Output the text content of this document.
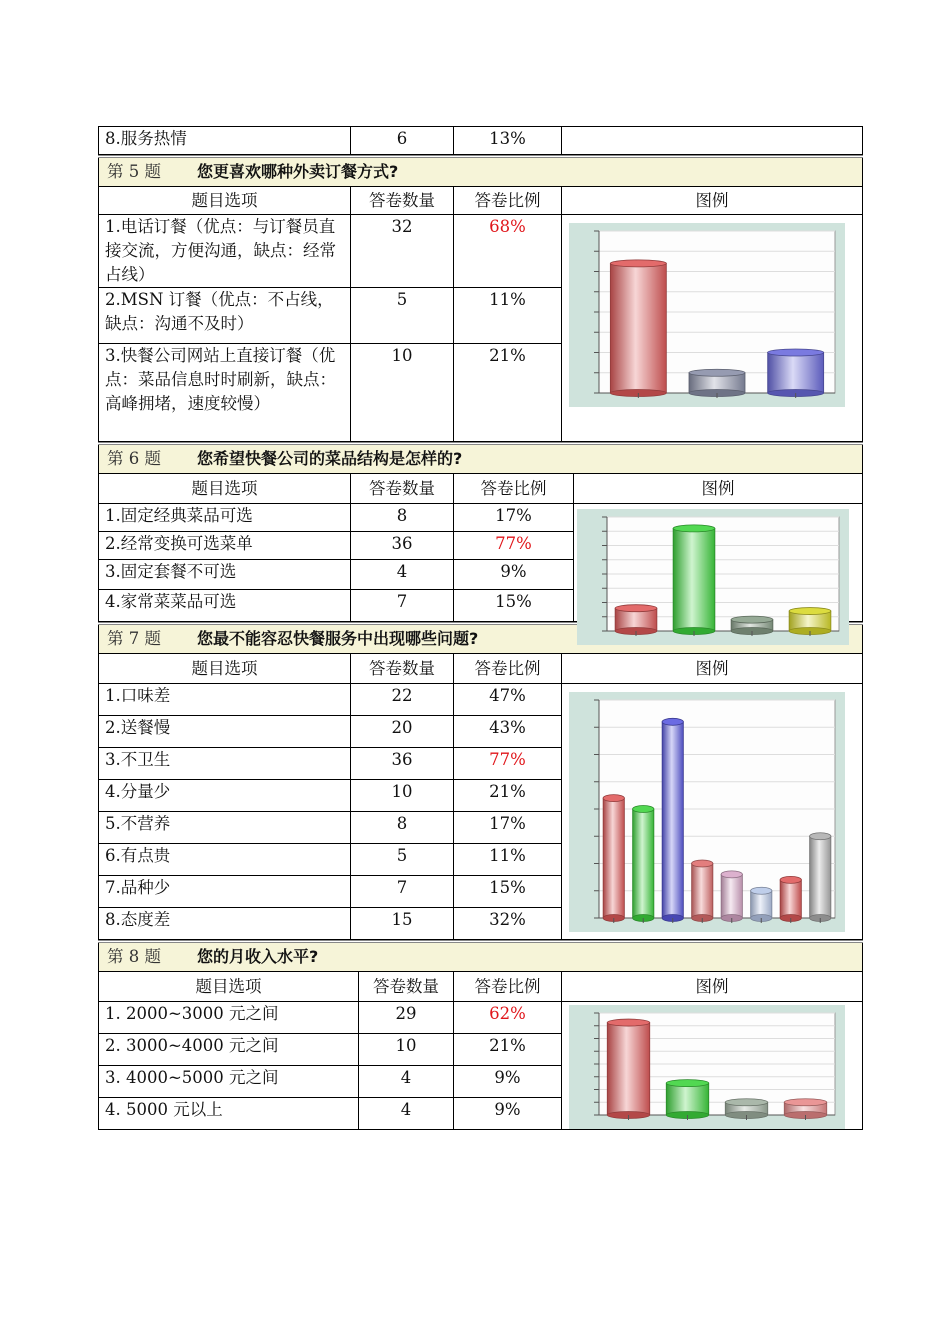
8.服务热情	6	13%	
第 5 题 您更喜欢哪种外卖订餐方式?			
题目选项	答卷数量	答卷比例	图例
1.电话订餐（优点：与订餐员直接交流，方便沟通，缺点：经常占线）	32	68%	

2.MSN 订餐（优点：不占线，缺点：沟通不及时）	5	11%	
3.快餐公司网站上直接订餐（优点：菜品信息时时刷新，缺点：高峰拥堵，速度较慢）	10	21%	
第 6 题 您希望快餐公司的菜品结构是怎样的?			
题目选项	答卷数量	答卷比例	图例
1.固定经典菜品可选	8	17%	

2.经常变换可选菜单	36	77%	
3.固定套餐不可选	4	9%	
4.家常菜菜品可选	7	15%	
第 7 题 您最不能容忍快餐服务中出现哪些问题?			
题目选项	答卷数量	答卷比例	图例
1.口味差	22	47%	

2.送餐慢	20	43%	
3.不卫生	36	77%	
4.分量少	10	21%	
5.不营养	8	17%	
6.有点贵	5	11%	
7.品种少	7	15%	
8.态度差	15	32%	
第 8 题 您的月收入水平?			
题目选项	答卷数量	答卷比例	图例
1. 2000~3000 元之间	29	62%	

2. 3000~4000 元之间	10	21%	
3. 4000~5000 元之间	4	9%	
4. 5000 元以上	4	9%	
